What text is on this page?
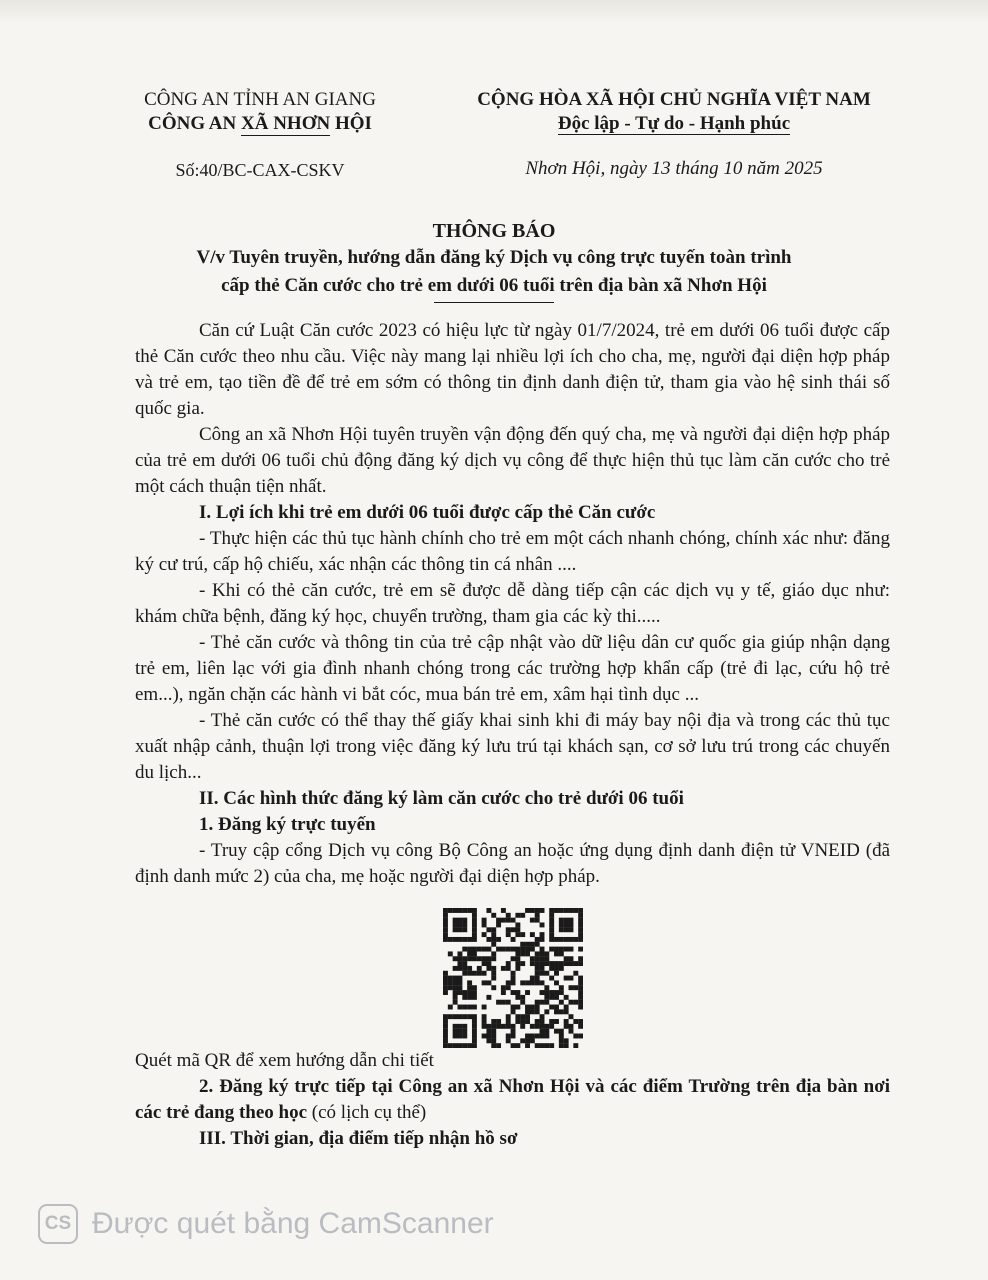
CÔNG AN TỈNH AN GIANG
CÔNG AN XÃ NHƠN HỘI
Số:40/BC-CAX-CSKV
CỘNG HÒA XÃ HỘI CHỦ NGHĨA VIỆT NAM
Độc lập - Tự do - Hạnh phúc
Nhơn Hội, ngày 13 tháng 10 năm 2025
THÔNG BÁO
V/v Tuyên truyền, hướng dẫn đăng ký Dịch vụ công trực tuyến toàn trình
cấp thẻ Căn cước cho trẻ em dưới 06 tuổi trên địa bàn xã Nhơn Hội

Căn cứ Luật Căn cước 2023 có hiệu lực từ ngày 01/7/2024, trẻ em dưới 06 tuổi được cấp thẻ Căn cước theo nhu cầu. Việc này mang lại nhiều lợi ích cho cha, mẹ, người đại diện hợp pháp và trẻ em, tạo tiền đề để trẻ em sớm có thông tin định danh điện tử, tham gia vào hệ sinh thái số quốc gia.

Công an xã Nhơn Hội tuyên truyền vận động đến quý cha, mẹ và người đại diện hợp pháp của trẻ em dưới 06 tuổi chủ động đăng ký dịch vụ công để thực hiện thủ tục làm căn cước cho trẻ một cách thuận tiện nhất.

I. Lợi ích khi trẻ em dưới 06 tuổi được cấp thẻ Căn cước

- Thực hiện các thủ tục hành chính cho trẻ em một cách nhanh chóng, chính xác như: đăng ký cư trú, cấp hộ chiếu, xác nhận các thông tin cá nhân ....

- Khi có thẻ căn cước, trẻ em sẽ được dễ dàng tiếp cận các dịch vụ y tế, giáo dục như: khám chữa bệnh, đăng ký học, chuyển trường, tham gia các kỳ thi.....

- Thẻ căn cước và thông tin của trẻ cập nhật vào dữ liệu dân cư quốc gia giúp nhận dạng trẻ em, liên lạc với gia đình nhanh chóng trong các trường hợp khẩn cấp (trẻ đi lạc, cứu hộ trẻ em...), ngăn chặn các hành vi bắt cóc, mua bán trẻ em, xâm hại tình dục ...

- Thẻ căn cước có thể thay thế giấy khai sinh khi đi máy bay nội địa và trong các thủ tục xuất nhập cảnh, thuận lợi trong việc đăng ký lưu trú tại khách sạn, cơ sở lưu trú trong các chuyến du lịch...

II. Các hình thức đăng ký làm căn cước cho trẻ dưới 06 tuổi

1. Đăng ký trực tuyến

- Truy cập cổng Dịch vụ công Bộ Công an hoặc ứng dụng định danh điện tử VNEID (đã định danh mức 2) của cha, mẹ hoặc người đại diện hợp pháp.

Quét mã QR để xem hướng dẫn chi tiết

2. Đăng ký trực tiếp tại Công an xã Nhơn Hội và các điểm Trường trên địa bàn nơi các trẻ đang theo học (có lịch cụ thể)

III. Thời gian, địa điểm tiếp nhận hồ sơ

CS Được quét bằng CamScanner
